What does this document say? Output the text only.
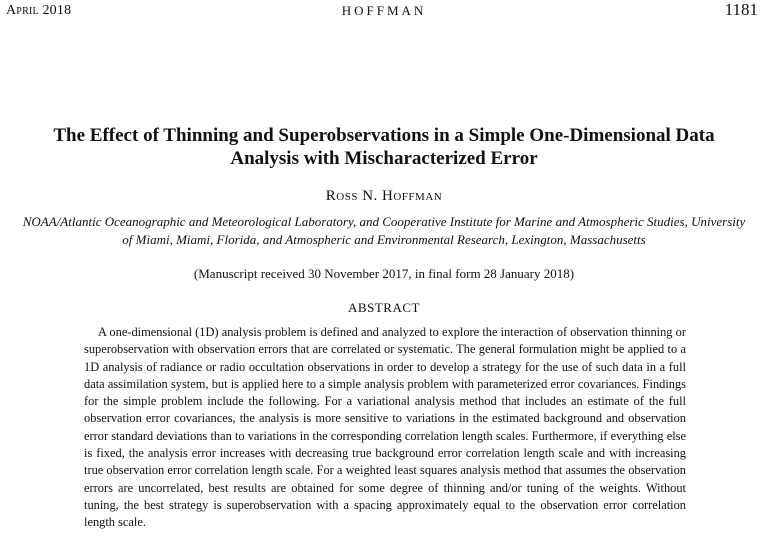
April 2018	HOFFMAN	1181
The Effect of Thinning and Superobservations in a Simple One-Dimensional Data Analysis with Mischaracterized Error
Ross N. Hoffman
NOAA/Atlantic Oceanographic and Meteorological Laboratory, and Cooperative Institute for Marine and Atmospheric Studies, University of Miami, Miami, Florida, and Atmospheric and Environmental Research, Lexington, Massachusetts
(Manuscript received 30 November 2017, in final form 28 January 2018)
ABSTRACT

A one-dimensional (1D) analysis problem is defined and analyzed to explore the interaction of observation thinning or superobservation with observation errors that are correlated or systematic. The general formulation might be applied to a 1D analysis of radiance or radio occultation observations in order to develop a strategy for the use of such data in a full data assimilation system, but is applied here to a simple analysis problem with parameterized error covariances. Findings for the simple problem include the following. For a variational analysis method that includes an estimate of the full observation error covariances, the analysis is more sensitive to variations in the estimated background and observation error standard deviations than to variations in the corresponding correlation length scales. Furthermore, if everything else is fixed, the analysis error increases with decreasing true background error correlation length scale and with increasing true observation error correlation length scale. For a weighted least squares analysis method that assumes the observation errors are uncorrelated, best results are obtained for some degree of thinning and/or tuning of the weights. Without tuning, the best strategy is superobservation with a spacing approximately equal to the observation error correlation length scale.
